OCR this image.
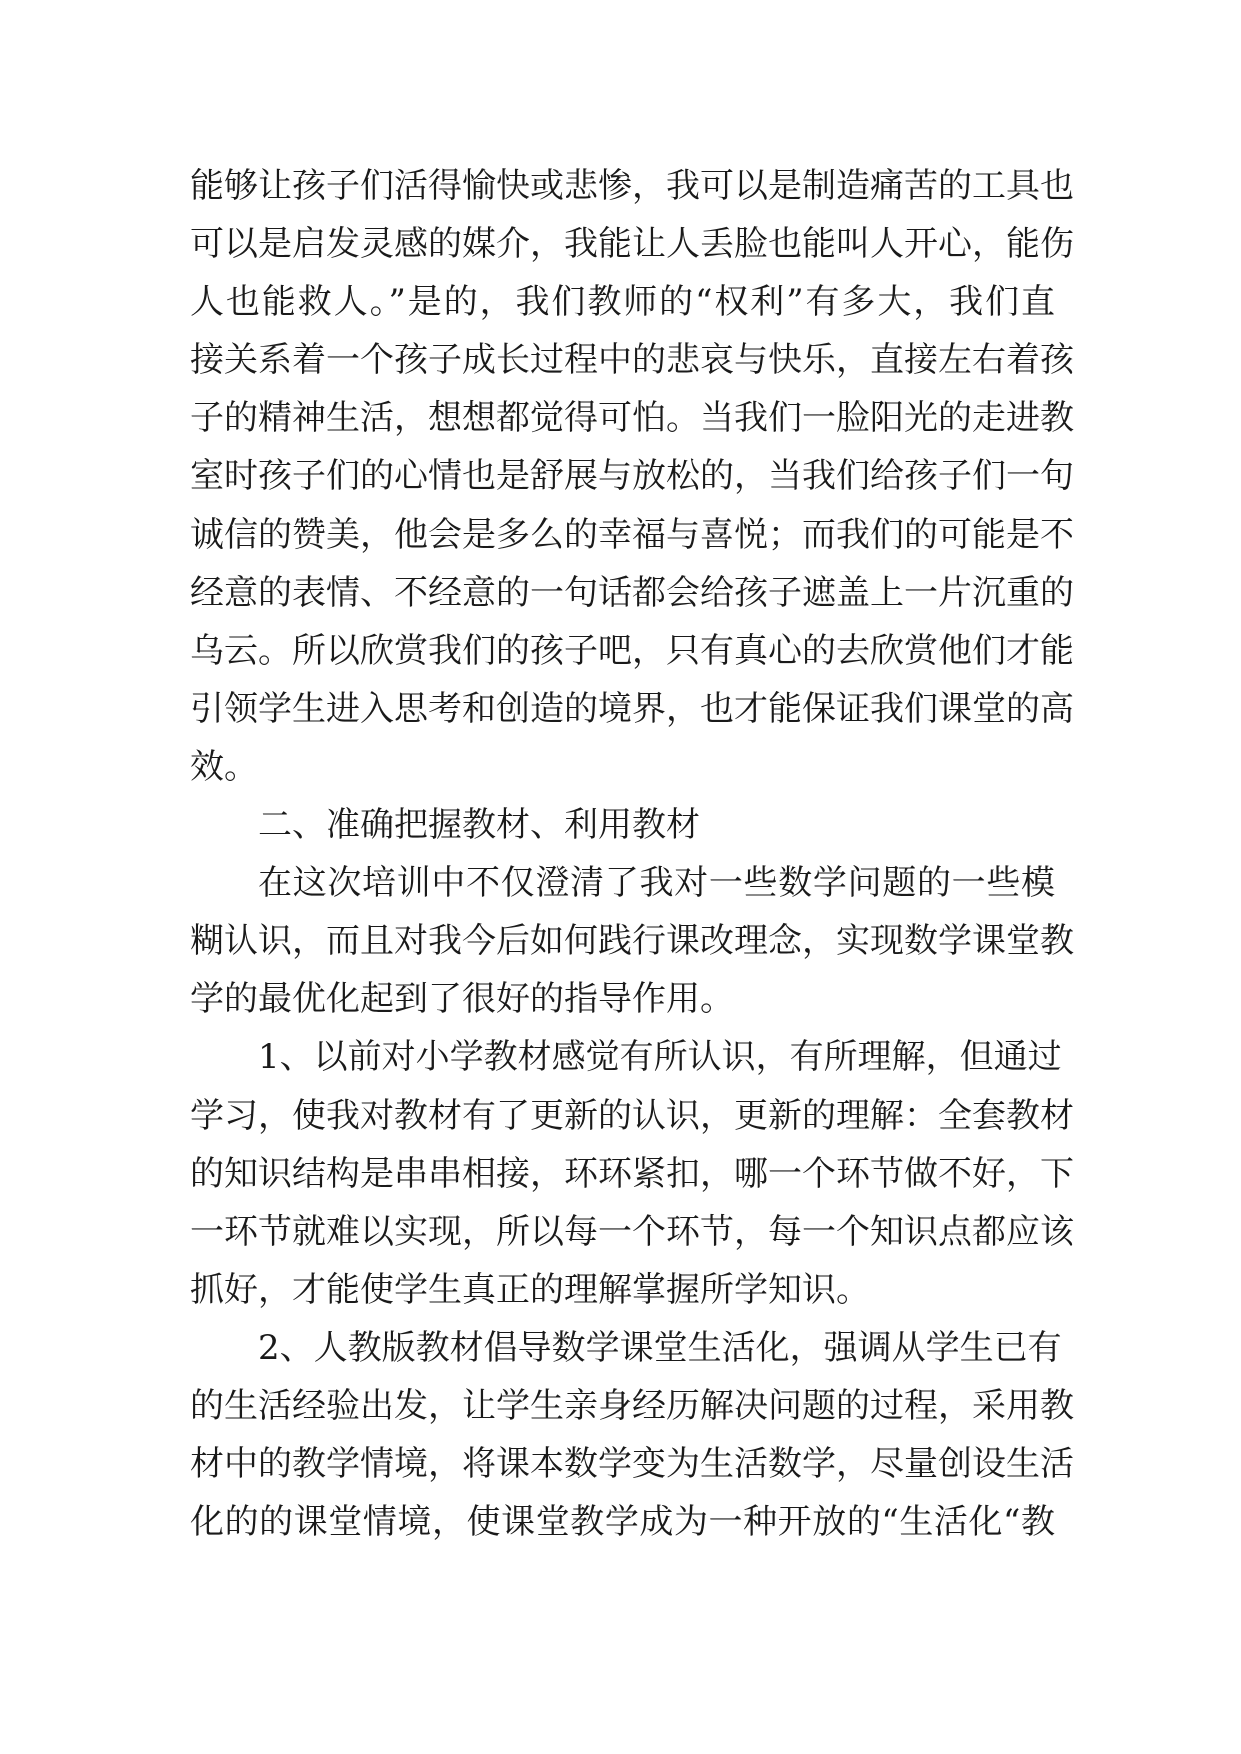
能够让孩子们活得愉快或悲惨，我可以是制造痛苦的工具也
可以是启发灵感的媒介，我能让人丢脸也能叫人开心，能伤
人也能救人。”是的，我们教师的“权利”有多大，我们直
接关系着一个孩子成长过程中的悲哀与快乐，直接左右着孩
子的精神生活，想想都觉得可怕。当我们一脸阳光的走进教
室时孩子们的心情也是舒展与放松的，当我们给孩子们一句
诚信的赞美，他会是多么的幸福与喜悦；而我们的可能是不
经意的表情、不经意的一句话都会给孩子遮盖上一片沉重的
乌云。所以欣赏我们的孩子吧，只有真心的去欣赏他们才能
引领学生进入思考和创造的境界，也才能保证我们课堂的高
效。
二、准确把握教材、利用教材
在这次培训中不仅澄清了我对一些数学问题的一些模
糊认识，而且对我今后如何践行课改理念，实现数学课堂教
学的最优化起到了很好的指导作用。
1、以前对小学教材感觉有所认识，有所理解，但通过
学习，使我对教材有了更新的认识，更新的理解：全套教材
的知识结构是串串相接，环环紧扣，哪一个环节做不好，下
一环节就难以实现，所以每一个环节，每一个知识点都应该
抓好，才能使学生真正的理解掌握所学知识。
2、人教版教材倡导数学课堂生活化，强调从学生已有
的生活经验出发，让学生亲身经历解决问题的过程，采用教
材中的教学情境，将课本数学变为生活数学，尽量创设生活
化的的课堂情境，使课堂教学成为一种开放的“生活化“教
